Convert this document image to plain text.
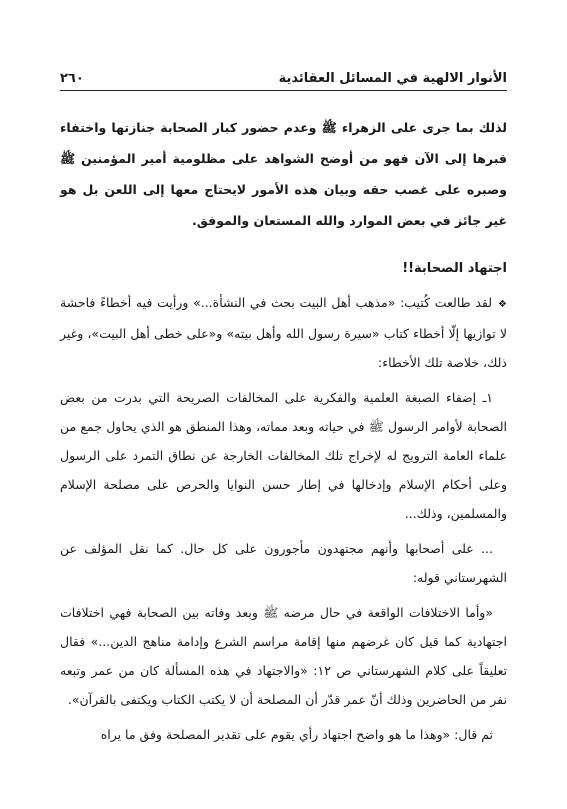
الأنوار الالهية في المسائل العقائدية
٢٦٠

لذلك بما جرى على الزهراء ﷺ وعدم حضور كبار الصحابة جنازتها واختفاء قبرها إلى الآن فهو من أوضح الشواهد على مظلومية أمير المؤمنين ﷺ وصبره على غصب حقه وبيان هذه الأمور لايحتاج معها إلى اللعن بل هو غير جائز في بعض الموارد والله المستعان والموفق.

اجتهاد الصحابة!!

❖لقد طالعت كُتيب: «مذهب أهل البيت بحث في النشأة...» ورأيت فيه أخطاءً فاحشة لا توازيها إلّا أخطاء كتاب «سيرة رسول الله وأهل بيته» و«على خطى أهل البيت»، وغير ذلك، خلاصة تلك الأخطاء:

١ـ إضفاء الصبغة العلمية والفكرية على المخالفات الصريحة التي بدرت من بعض الصحابة لأوامر الرسول ﷺ في حياته وبعد مماته، وهذا المنطق هو الذي يحاول جمع من علماء العامة الترويج له لإخراج تلك المخالفات الخارجة عن نطاق التمرد على الرسول وعلى أحكام الإسلام وإدخالها في إطار حسن النوايا والحرص على مصلحة الإسلام والمسلمين، وذلك...

... على أصحابها وأنهم مجتهدون مأجورون على كل حال. كما نقل المؤلف عن الشهرستاني قوله:

«وأما الاختلافات الواقعة في حال مرضه ﷺ وبعد وفاته بين الصحابة فهي اختلافات اجتهادية كما قيل كان غرضهم منها إقامة مراسم الشرع وإدامة مناهج الدين...» فقال تعليقاً على كلام الشهرستاني ص ١٢: «والاجتهاد في هذه المسألة كان من عمر وتبعه نفر من الحاضرين وذلك أنّ عمر قدّر أن المصلحة أن لا يكتب الكتاب ويكتفى بالقرآن».

ثم قال: «وهذا ما هو واضح اجتهاد رأي يقوم على تقدير المصلحة وفق ما يراه
